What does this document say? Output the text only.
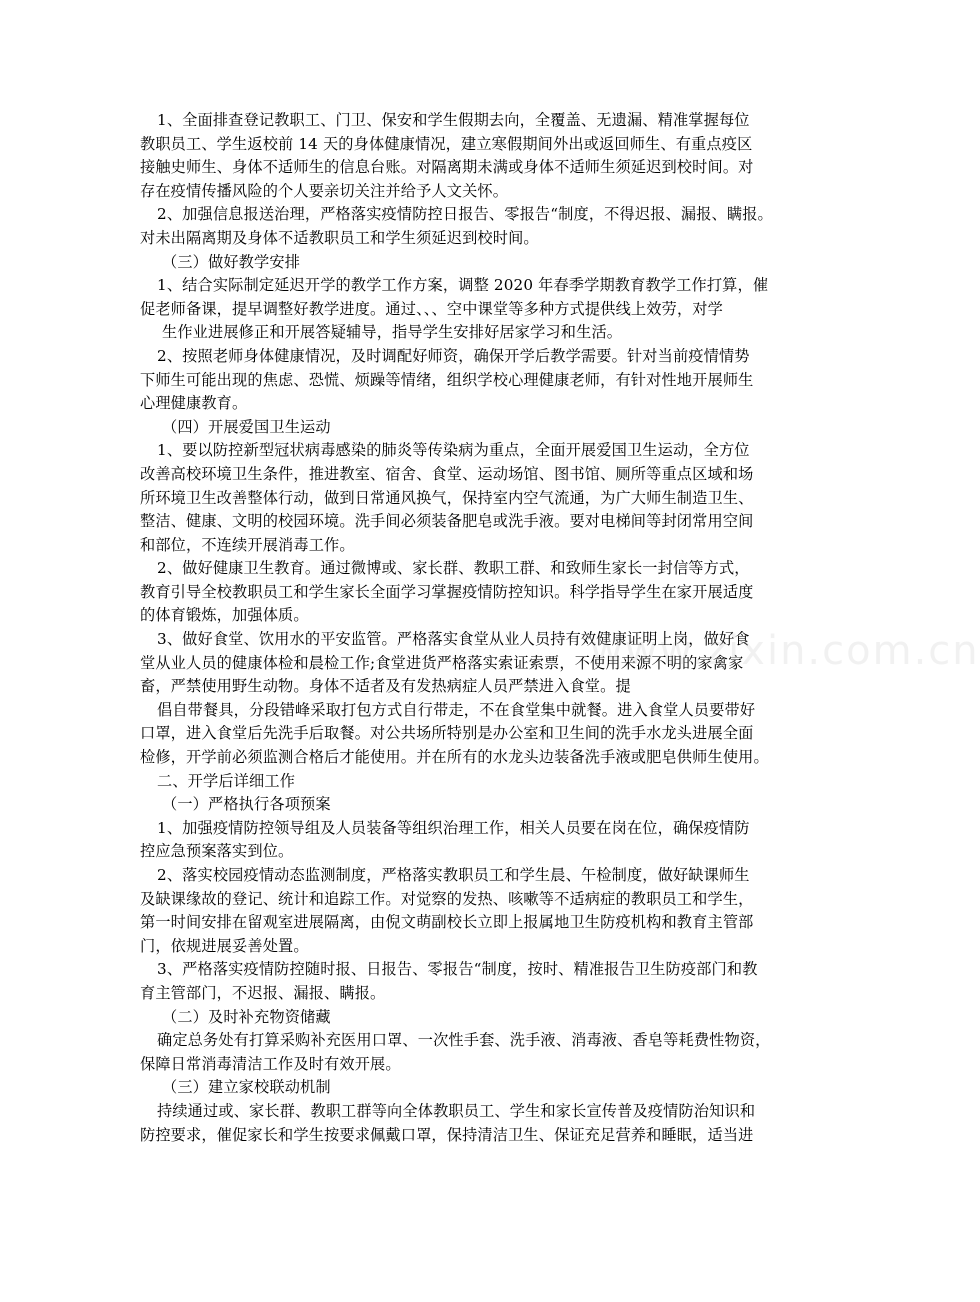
1、全面排查登记教职工、门卫、保安和学生假期去向，全覆盖、无遗漏、精准掌握每位
教职员工、学生返校前 14 天的身体健康情况，建立寒假期间外出或返回师生、有重点疫区
接触史师生、身体不适师生的信息台账。对隔离期未满或身体不适师生须延迟到校时间。对
存在疫情传播风险的个人要亲切关注并给予人文关怀。
2、加强信息报送治理，严格落实疫情防控日报告、零报告“制度，不得迟报、漏报、瞒报。
对未出隔离期及身体不适教职员工和学生须延迟到校时间。
（三）做好教学安排
1、结合实际制定延迟开学的教学工作方案，调整 2020 年春季学期教育教学工作打算，催
促老师备课，提早调整好教学进度。通过、、、空中课堂等多种方式提供线上效劳，对学
生作业进展修正和开展答疑辅导，指导学生安排好居家学习和生活。
2、按照老师身体健康情况，及时调配好师资，确保开学后教学需要。针对当前疫情情势
下师生可能出现的焦虑、恐慌、烦躁等情绪，组织学校心理健康老师，有针对性地开展师生
心理健康教育。
（四）开展爱国卫生运动
1、要以防控新型冠状病毒感染的肺炎等传染病为重点，全面开展爱国卫生运动，全方位
改善高校环境卫生条件，推进教室、宿舍、食堂、运动场馆、图书馆、厕所等重点区域和场
所环境卫生改善整体行动，做到日常通风换气，保持室内空气流通，为广大师生制造卫生、
整洁、健康、文明的校园环境。洗手间必须装备肥皂或洗手液。要对电梯间等封闭常用空间
和部位，不连续开展消毒工作。
2、做好健康卫生教育。通过微博或、家长群、教职工群、和致师生家长一封信等方式，
教育引导全校教职员工和学生家长全面学习掌握疫情防控知识。科学指导学生在家开展适度
的体育锻炼，加强体质。
3、做好食堂、饮用水的平安监管。严格落实食堂从业人员持有效健康证明上岗，做好食
堂从业人员的健康体检和晨检工作;食堂进货严格落实索证索票，不使用来源不明的家禽家
畜，严禁使用野生动物。身体不适者及有发热病症人员严禁进入食堂。提
倡自带餐具，分段错峰采取打包方式自行带走，不在食堂集中就餐。进入食堂人员要带好
口罩，进入食堂后先洗手后取餐。对公共场所特别是办公室和卫生间的洗手水龙头进展全面
检修，开学前必须监测合格后才能使用。并在所有的水龙头边装备洗手液或肥皂供师生使用。
二、开学后详细工作
（一）严格执行各项预案
1、加强疫情防控领导组及人员装备等组织治理工作，相关人员要在岗在位，确保疫情防
控应急预案落实到位。
2、落实校园疫情动态监测制度，严格落实教职员工和学生晨、午检制度，做好缺课师生
及缺课缘故的登记、统计和追踪工作。对觉察的发热、咳嗽等不适病症的教职员工和学生，
第一时间安排在留观室进展隔离，由倪文萌副校长立即上报属地卫生防疫机构和教育主管部
门，依规进展妥善处置。
3、严格落实疫情防控随时报、日报告、零报告“制度，按时、精准报告卫生防疫部门和教
育主管部门，不迟报、漏报、瞒报。
（二）及时补充物资储藏
确定总务处有打算采购补充医用口罩、一次性手套、洗手液、消毒液、香皂等耗费性物资，
保障日常消毒清洁工作及时有效开展。
（三）建立家校联动机制
持续通过或、家长群、教职工群等向全体教职员工、学生和家长宣传普及疫情防治知识和
防控要求，催促家长和学生按要求佩戴口罩，保持清洁卫生、保证充足营养和睡眠，适当进
www.zixin.com.cn
